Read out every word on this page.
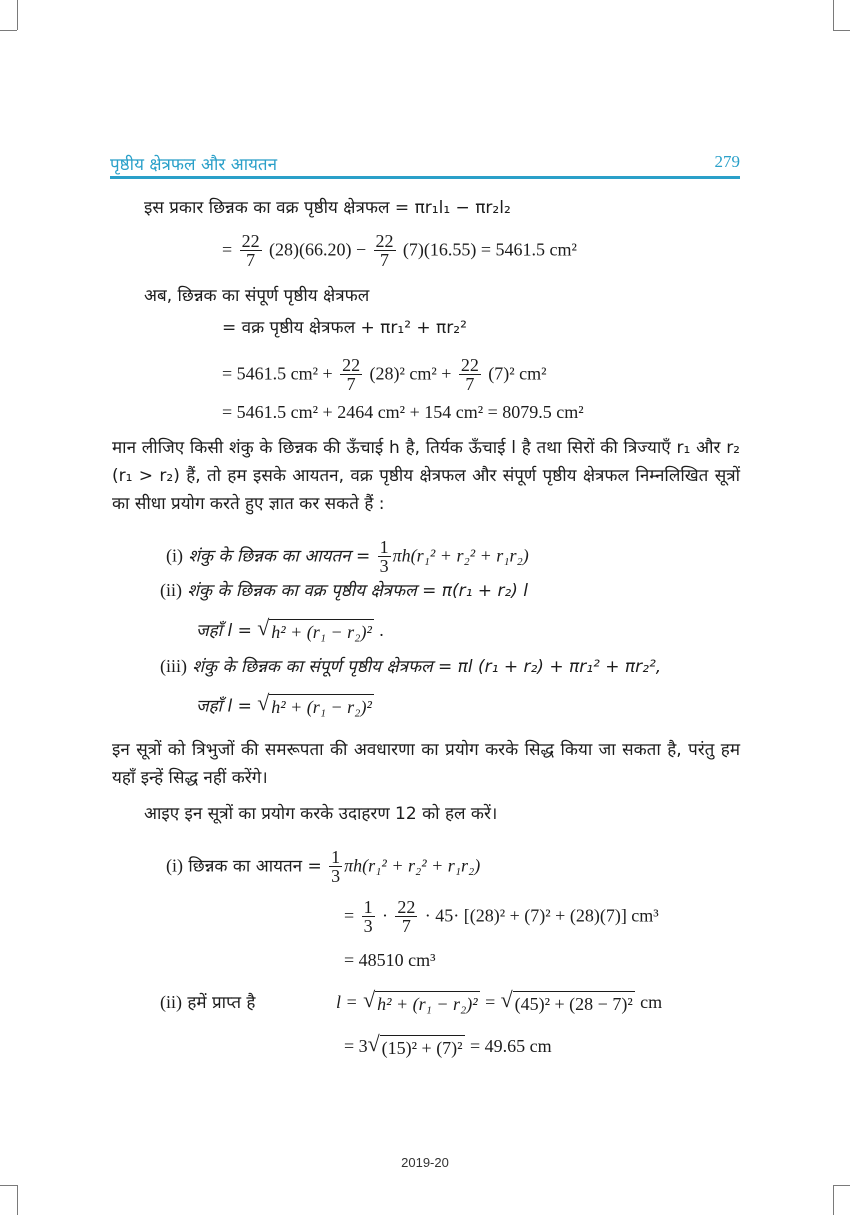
पृष्ठीय क्षेत्रफल और आयतन	279
इस प्रकार छिन्नक का वक्र पृष्ठीय क्षेत्रफल = πr₁l₁ − πr₂l₂
= $\frac{22}{7} (28)(66.20) - \frac{22}{7} (7)(16.55) = 5461.5$ cm²
अब, छिन्नक का संपूर्ण पृष्ठीय क्षेत्रफल
= वक्र पृष्ठीय क्षेत्रफल + πr₁² + πr₂²
= 5461.5 $cm^2 + \frac{22}{7} (28)^2$ $cm^2 + \frac{22}{7} (7)^2$ cm²
= 5461.5 cm² + 2464 cm² + 154 cm² = 8079.5 cm²
मान लीजिए किसी शंकु के छिन्नक की ऊँचाई h है, तिर्यक ऊँचाई l है तथा सिरों की त्रिज्याएँ r₁ और r₂ (r₁ > r₂) हैं, तो हम इसके आयतन, वक्र पृष्ठीय क्षेत्रफल और संपूर्ण पृष्ठीय क्षेत्रफल निम्नलिखित सूत्रों का सीधा प्रयोग करते हुए ज्ञात कर सकते हैं :
(i) शंकु के छिन्नक का आयतन = $\frac{1}{3} \pi h(r_1^2 + r_2^2 + r_1r_2)$
(ii) शंकु के छिन्नक का वक्र पृष्ठीय क्षेत्रफल = π(r₁ + r₂) l
जहाँ l = √ h² + (r₁ − r₂)² .
(iii) शंकु के छिन्नक का संपूर्ण पृष्ठीय क्षेत्रफल = πl (r₁ + r₂) + πr₁² + πr₂²,
जहाँ l = √ h² + (r₁ − r₂)²
इन सूत्रों को त्रिभुजों की समरूपता की अवधारणा का प्रयोग करके सिद्ध किया जा सकता है, परंतु हम यहाँ इन्हें सिद्ध नहीं करेंगे।
आइए इन सूत्रों का प्रयोग करके उदाहरण 12 को हल करें।
(i) छिन्नक का आयतन = $\frac{1}{3} \pi h(r_1^2 + r_2^2 + r_1r_2)$
= $\frac{1}{3} \cdot \frac{22}{7} \cdot 45\cdot [(28)^2 + (7)^2 + (28)(7)]$ cm³
= 48510 cm³
(ii) हमें प्राप्त है	l = √ h² + (r₁ − r₂)² = √ (45)² + (28 − 7)² cm
= 3 √ (15)² + (7)² = 49.65 cm
2019-20
